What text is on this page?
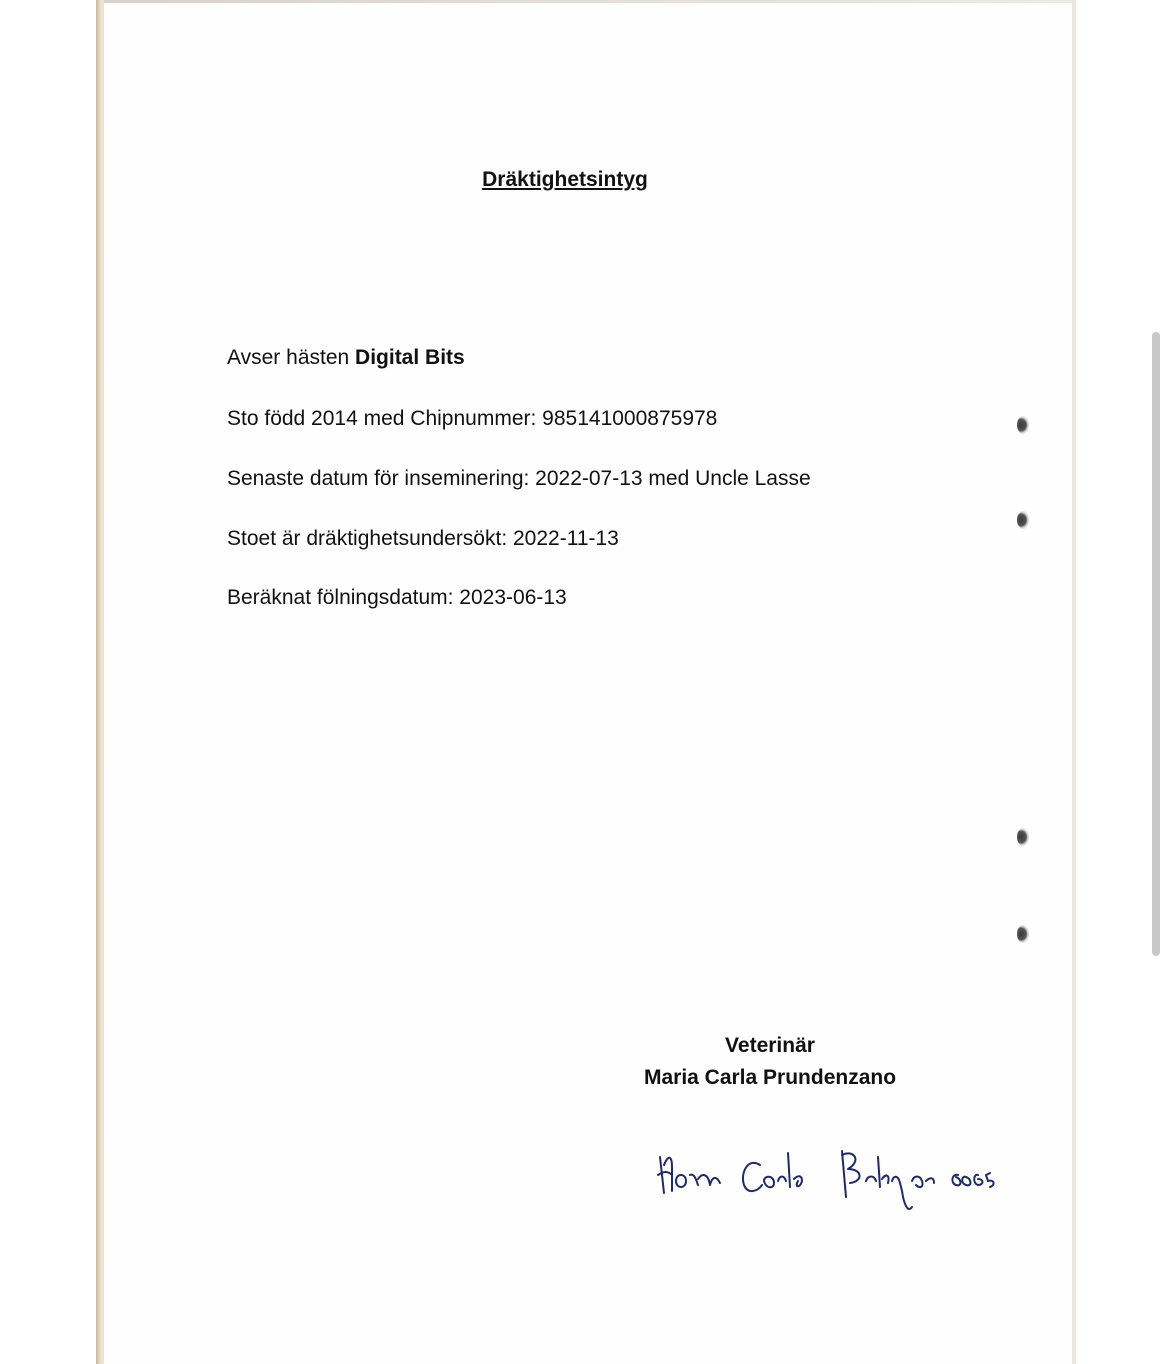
Dräktighetsintyg
Avser hästen Digital Bits
Sto född 2014 med Chipnummer: 985141000875978
Senaste datum för inseminering: 2022-07-13 med Uncle Lasse
Stoet är dräktighetsundersökt: 2022-11-13
Beräknat fölningsdatum: 2023-06-13
Veterinär
Maria Carla Prundenzano
